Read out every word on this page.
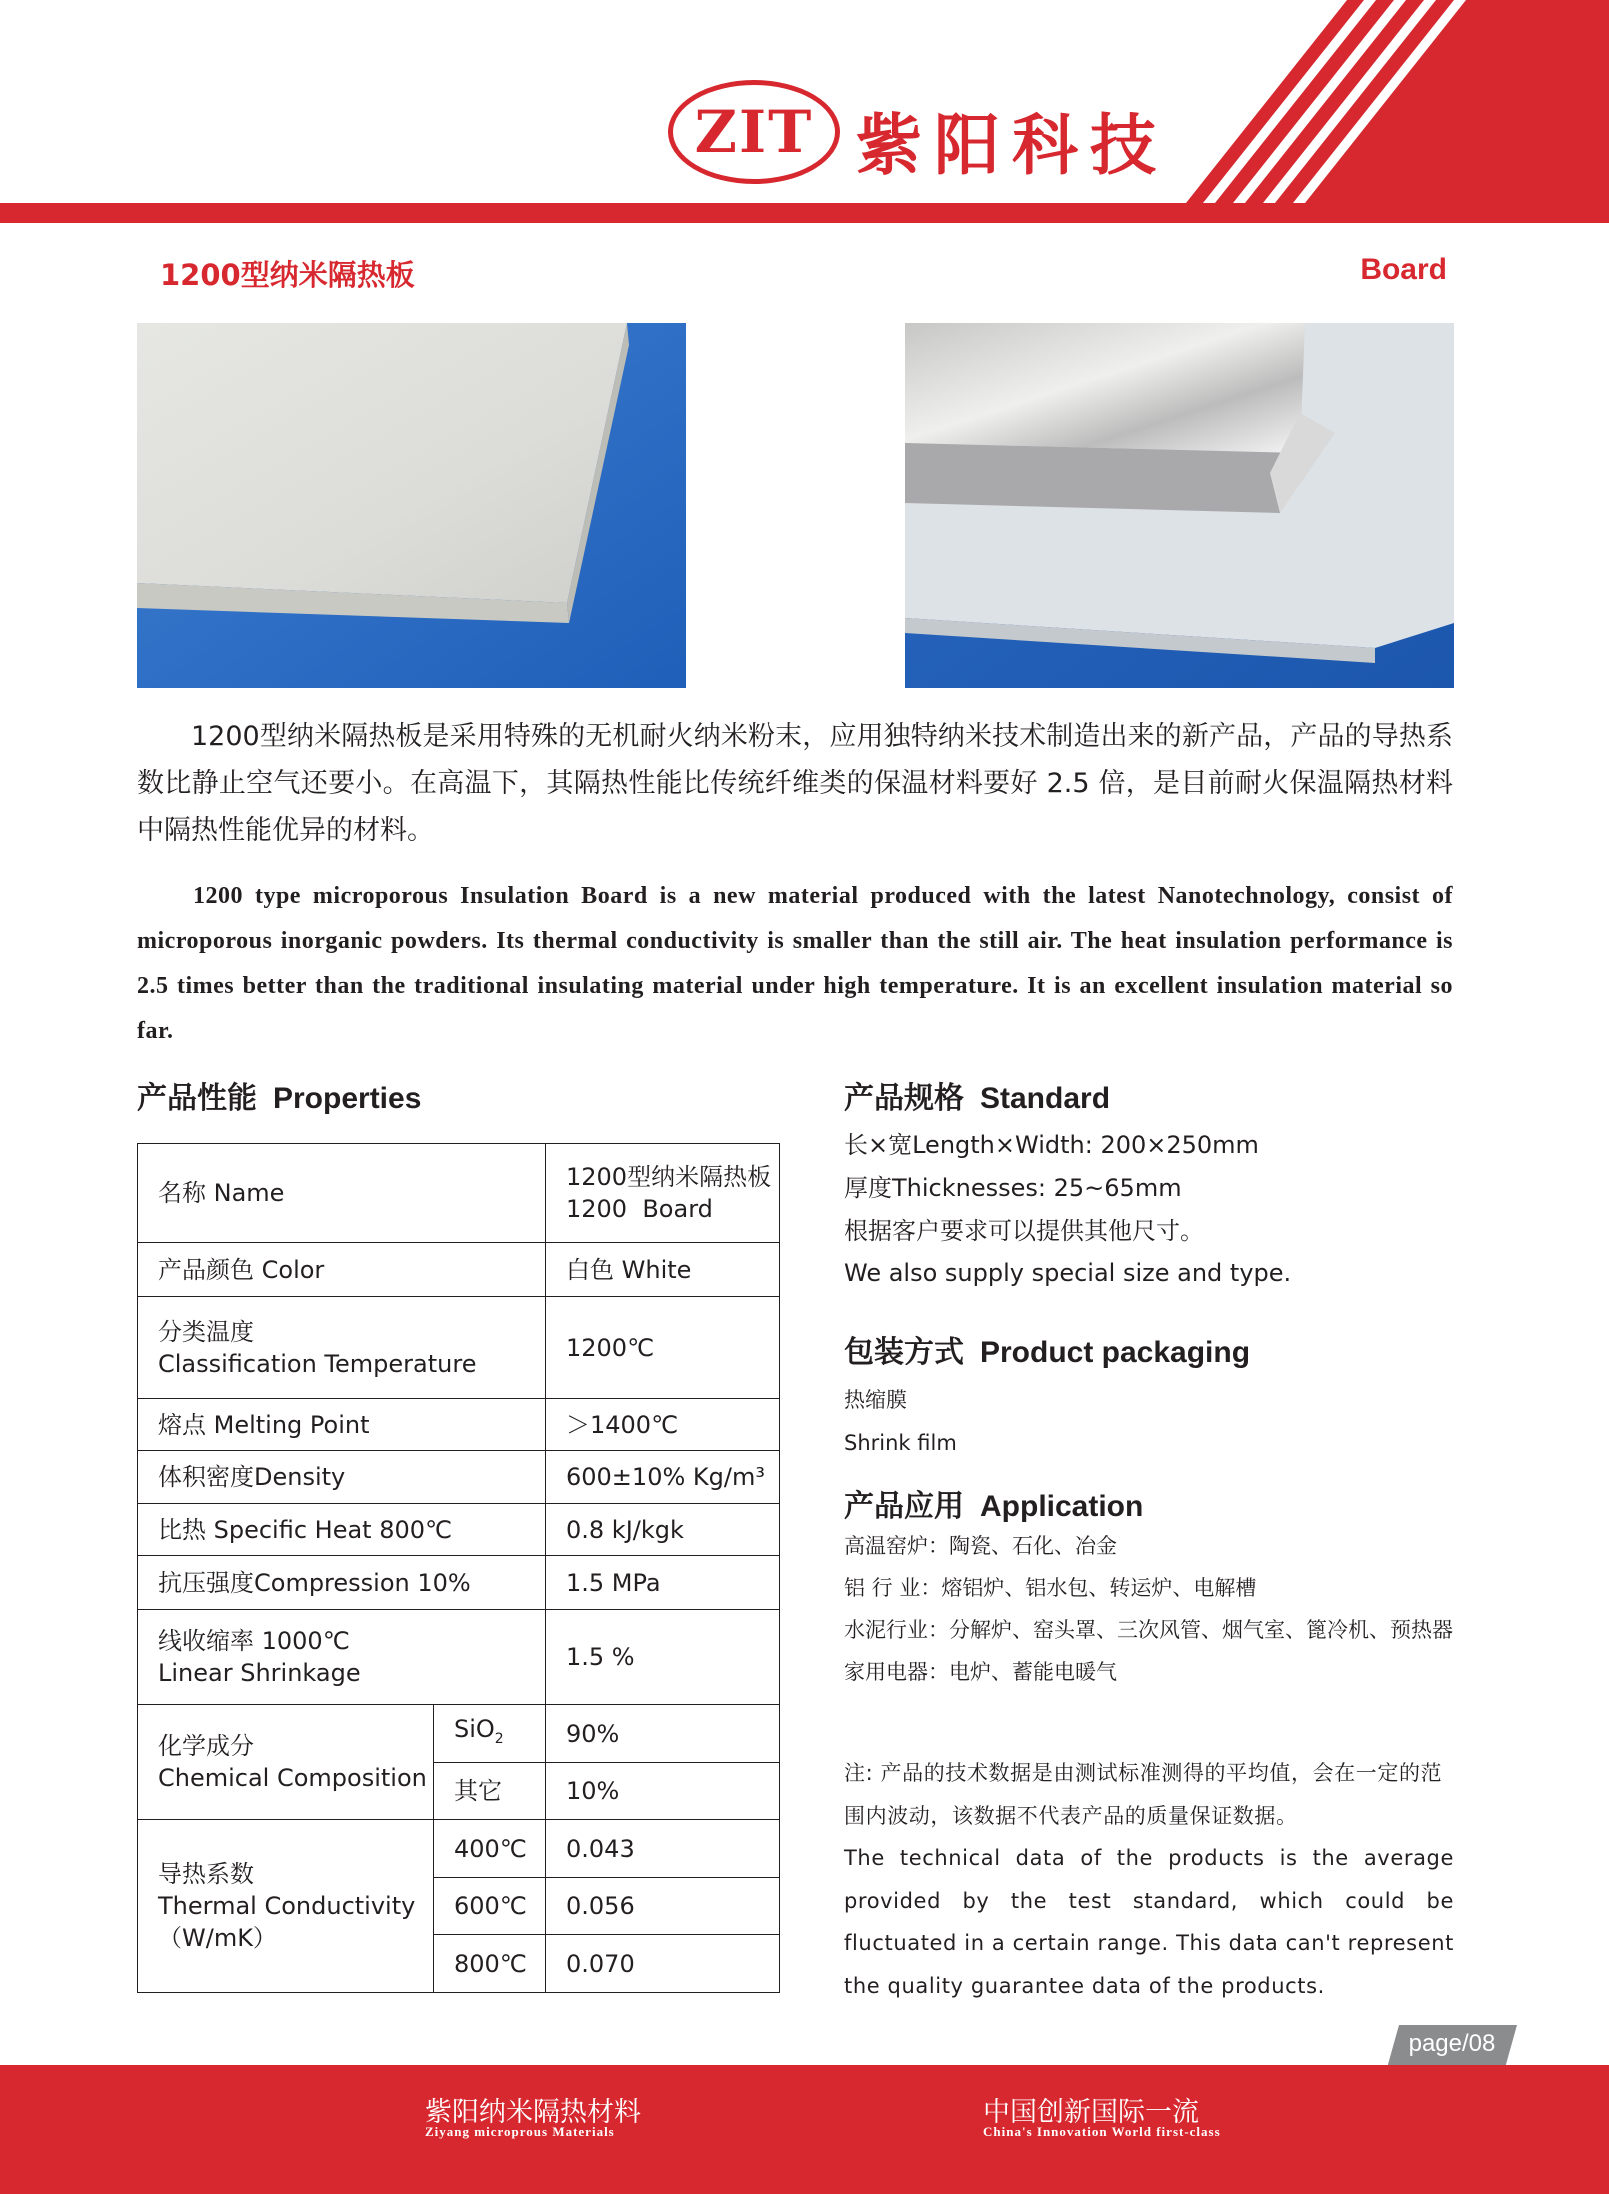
ZIT 紫阳科技
1200型纳米隔热板	Board
1200型纳米隔热板是采用特殊的无机耐火纳米粉末，应用独特纳米技术制造出来的新产品，产品的导热系数比静止空气还要小。在高温下，其隔热性能比传统纤维类的保温材料要好 2.5 倍，是目前耐火保温隔热材料中隔热性能优异的材料。
1200 type microporous Insulation Board is a new material produced with the latest Nanotechnology, consist of microporous inorganic powders. Its thermal conductivity is smaller than the still air. The heat insulation performance is 2.5 times better than the traditional insulating material under high temperature. It is an excellent insulation material so far.
产品性能 Properties
名称 Name		1200型纳米隔热板
1200  Board

产品颜色 Color		白色 White

分类温度
Classification Temperature		1200℃
熔点 Melting Point		＞1400℃
体积密度Density		600±10% Kg/m³
比热 Specific Heat 800℃		0.8 kJ/kgk
抗压强度Compression 10%		1.5 MPa

线收缩率 1000℃
Linear Shrinkage		1.5 %

化学成分
Chemical Composition	SiO$_2$	90%
	其它	10%

导热系数
Thermal Conductivity
（W/mK）	400℃	0.043
	600℃	0.056
	800℃	0.070
产品规格 Standard
长×宽Length×Width: 200×250mm
厚度Thicknesses: 25~65mm
根据客户要求可以提供其他尺寸。
We also supply special size and type.
包装方式 Product packaging
热缩膜
Shrink film
产品应用 Application
高温窑炉：陶瓷、石化、冶金
铝 行 业：熔铝炉、铝水包、转运炉、电解槽
水泥行业：分解炉、窑头罩、三次风管、烟气室、篦冷机、预热器
家用电器：电炉、蓄能电暖气
注: 产品的技术数据是由测试标准测得的平均值，会在一定的范围内波动，该数据不代表产品的质量保证数据。
The technical data of the products is the average provided by the test standard, which could be fluctuated in a certain range. This data can't represent the quality guarantee data of the products.
page/08
紫阳纳米隔热材料
Ziyang microprous Materials
中国创新国际一流
China's Innovation World first-class
